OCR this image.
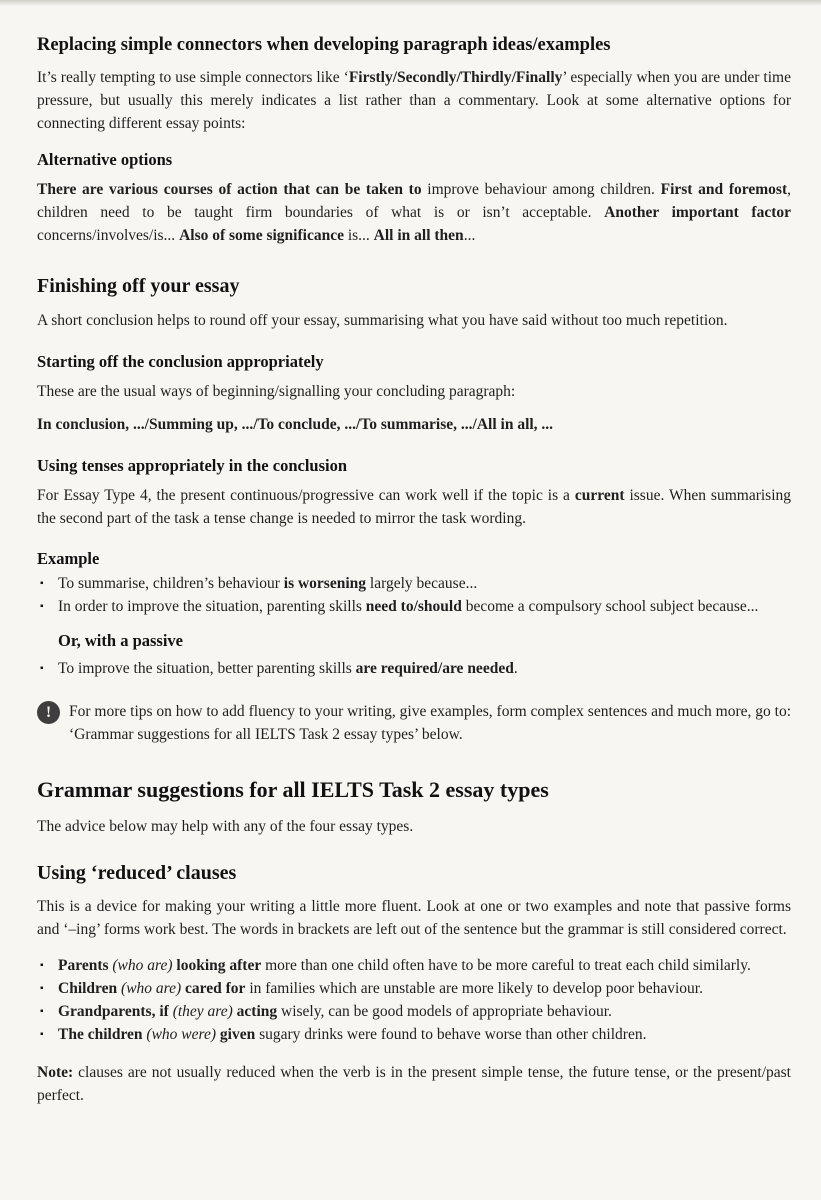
Replacing simple connectors when developing paragraph ideas/examples

It’s really tempting to use simple connectors like ‘Firstly/Secondly/Thirdly/Finally’ especially when you are under time pressure, but usually this merely indicates a list rather than a commentary. Look at some alternative options for connecting different essay points:

Alternative options

There are various courses of action that can be taken to improve behaviour among children. First and foremost, children need to be taught firm boundaries of what is or isn’t acceptable. Another important factor concerns/involves/is... Also of some significance is... All in all then...

Finishing off your essay

A short conclusion helps to round off your essay, summarising what you have said without too much repetition.

Starting off the conclusion appropriately

These are the usual ways of beginning/signalling your concluding paragraph:

In conclusion, .../Summing up, .../To conclude, .../To summarise, .../All in all, ...

Using tenses appropriately in the conclusion

For Essay Type 4, the present continuous/progressive can work well if the topic is a current issue. When summarising the second part of the task a tense change is needed to mirror the task wording.

Example
▪ To summarise, children’s behaviour is worsening largely because...
▪ In order to improve the situation, parenting skills need to/should become a compulsory school subject because...
Or, with a passive
▪ To improve the situation, better parenting skills are required/are needed.
!	For more tips on how to add fluency to your writing, give examples, form complex sentences and much more, go to: ‘Grammar suggestions for all IELTS Task 2 essay types’ below.

Grammar suggestions for all IELTS Task 2 essay types

The advice below may help with any of the four essay types.

Using ‘reduced’ clauses

This is a device for making your writing a little more fluent. Look at one or two examples and note that passive forms and ‘–ing’ forms work best. The words in brackets are left out of the sentence but the grammar is still considered correct.

▪ Parents (who are) looking after more than one child often have to be more careful to treat each child similarly.
▪ Children (who are) cared for in families which are unstable are more likely to develop poor behaviour.
▪ Grandparents, if (they are) acting wisely, can be good models of appropriate behaviour.
▪ The children (who were) given sugary drinks were found to behave worse than other children.

Note: clauses are not usually reduced when the verb is in the present simple tense, the future tense, or the present/past perfect.
